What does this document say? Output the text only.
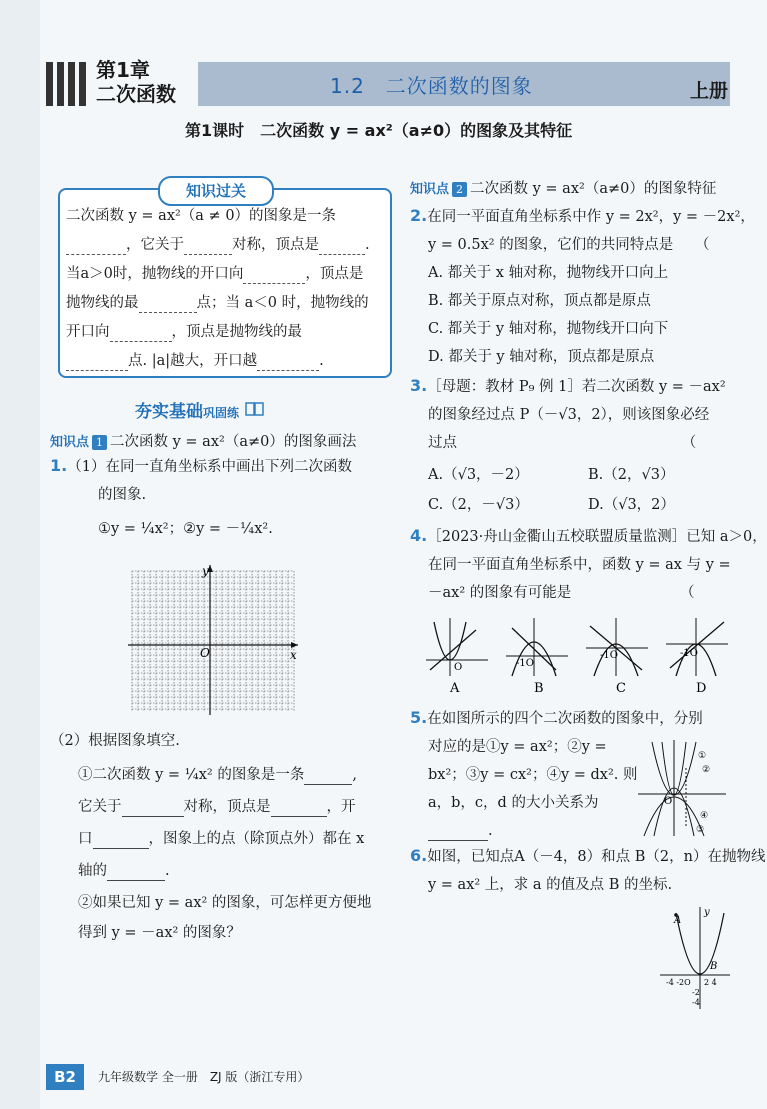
第1章
二次函数	1.2　二次函数的图象	上册
第1课时　二次函数 y = ax²（a≠0）的图象及其特征
知识过关
二次函数 y = ax²（a ≠ 0）的图象是一条
，它关于	对称，顶点是	.
当a＞0时，抛物线的开口向	，顶点是
抛物线的最	点；当 a＜0 时，抛物线的
开口向	，顶点是抛物线的最
点. |a|越大，开口越	.
夯实基础巩固练
知识点 1 二次函数 y = ax²（a≠0）的图象画法
1.（1）在同一直角坐标系中画出下列二次函数
的图象.
①y = ¼x²；②y = －¼x².
y
x
O
（2）根据图象填空.
①二次函数 y = ¼x² 的图象是一条	,
它关于	对称，顶点是	，开
口	，图象上的点（除顶点外）都在 x
轴的	.
②如果已知 y = ax² 的图象，可怎样更方便地
得到 y = －ax² 的图象？
知识点 2 二次函数 y = ax²（a≠0）的图象特征
2.在同一平面直角坐标系中作 y = 2x²，y = －2x²，
y = 0.5x² 的图象，它们的共同特点是　　（
A. 都关于 x 轴对称，抛物线开口向上
B. 都关于原点对称，顶点都是原点
C. 都关于 y 轴对称，抛物线开口向下
D. 都关于 y 轴对称，顶点都是原点
3.［母题：教材 P₉ 例 1］若二次函数 y = －ax²
的图象经过点 P（－√3，2），则该图象必经
过点　　　　　　　　　　　　　　　　（
A.（√3，－2）	B.（2，√3）
C.（2，－√3）	D.（√3，2）
4.［2023·舟山金衢山五校联盟质量监测］已知 a＞0，
在同一平面直角坐标系中，函数 y = ax 与 y =
－ax² 的图象有可能是　　　　　　　　（
O
A
-1O
B
-1O
C
-1O
D
5.在如图所示的四个二次函数的图象中，分别
对应的是①y = ax²；②y =
bx²；③y = cx²；④y = dx². 则
a，b，c，d 的大小关系为
.
O
①
②
④
③
6.如图，已知点A（－4，8）和点 B（2，n）在抛物线
y = ax² 上，求 a 的值及点 B 的坐标.
A
y
B
-4 -2O 2 4
-2
-4
B2	九年级数学 全一册　ZJ 版（浙江专用）
